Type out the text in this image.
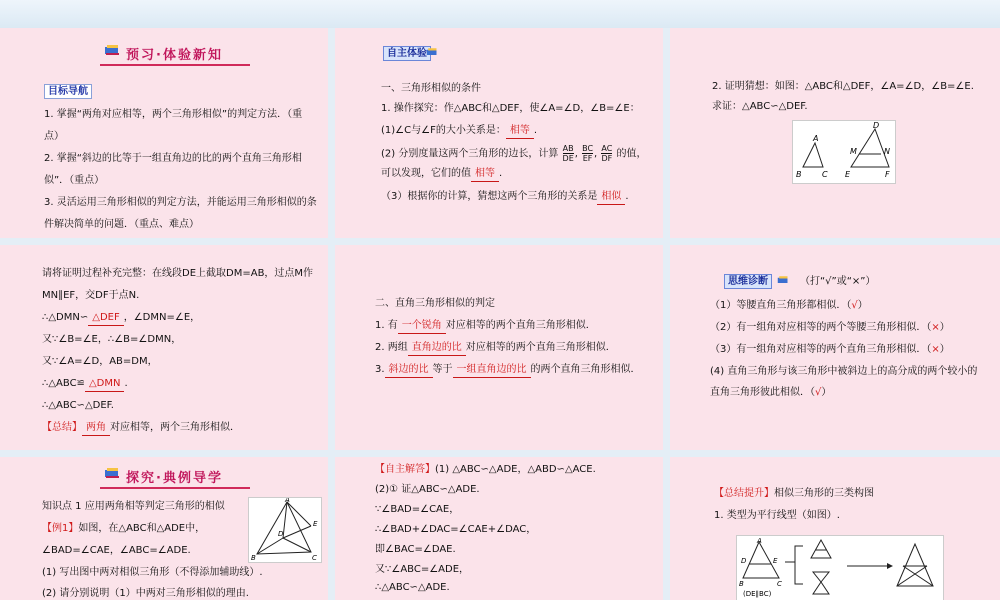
预习·体验新知
目标导航
1. 掌握“两角对应相等，两个三角形相似”的判定方法．（重
点）
2. 掌握“斜边的比等于一组直角边的比的两个直角三角形相
似”．（重点）
3. 灵活运用三角形相似的判定方法，并能运用三角形相似的条
件解决简单的问题．（重点、难点）
自主体验
一、三角形相似的条件
1. 操作探究：作△ABC和△DEF，使∠A=∠D，∠B=∠E：
(1)∠C与∠F的大小关系是： 相等 .
(2) 分别度量这两个三角形的边长，计算 $\frac{AB}{DE}$ , $\frac{BC}{EF}$ , $\frac{AC}{DF}$ 的值，
可以发现，它们的值 相等 .
（3）根据你的计算，猜想这两个三角形的关系是 相似 .
2. 证明猜想：如图：△ABC和△DEF，∠A=∠D，∠B=∠E.
求证：△ABC∽△DEF.
A
B	C
D
E	F
M	N
请将证明过程补充完整：在线段DE上截取DM=AB，过点M作
MN∥EF，交DF于点N.
∴△DMN∽ △DEF ，∠DMN=∠E，
又∵∠B=∠E，∴∠B=∠DMN，
又∵∠A=∠D，AB=DM，
∴△ABC≌ △DMN .
∴△ABC∽△DEF.
【总结】 两角 对应相等，两个三角形相似．
二、直角三角形相似的判定
1. 有 一个锐角 对应相等的两个直角三角形相似．
2. 两组 直角边的比 对应相等的两个直角三角形相似．
3. 斜边的比 等于 一组直角边的比 的两个直角三角形相似．
思维诊断	（打“√”或“×”）
（1）等腰直角三角形都相似．（√）
（2）有一组角对应相等的两个等腰三角形相似．（×）
（3）有一组角对应相等的两个直角三角形相似．（×）
(4) 直角三角形与该三角形中被斜边上的高分成的两个较小的
直角三角形彼此相似．（√）
探究·典例导学
知识点 1 应用两角相等判定三角形的相似
【例1】如图，在△ABC和△ADE中，
∠BAD=∠CAE，∠ABC=∠ADE.
(1) 写出图中两对相似三角形（不得添加辅助线）.
(2) 请分别说明（1）中两对三角形相似的理由.
A
B	C
D
E
【自主解答】(1) △ABC∽△ADE，△ABD∽△ACE.
(2)① 证△ABC∽△ADE.
∵∠BAD=∠CAE，
∴∠BAD+∠DAC=∠CAE+∠DAC，
即∠BAC=∠DAE.
又∵∠ABC=∠ADE，
∴△ABC∽△ADE.
【总结提升】相似三角形的三类构图
1. 类型为平行线型（如图）.
A
B	C
D	E
(DE∥BC)
